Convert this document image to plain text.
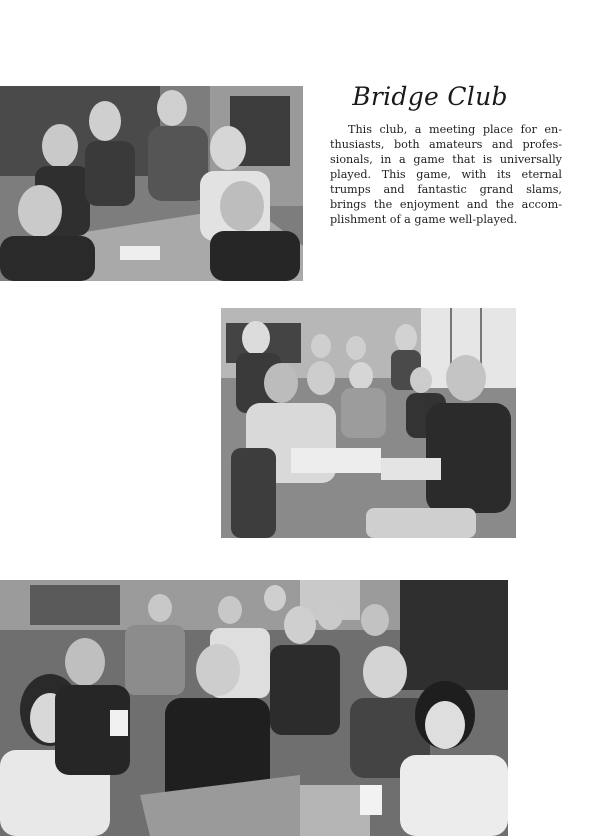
Bridge Club
This club, a meeting place for en-
thusiasts, both amateurs and profes-
sionals, in a game that is universally
played. This game, with its eternal
trumps and fantastic grand slams,
brings the enjoyment and the accom-
plishment of a game well-played.
